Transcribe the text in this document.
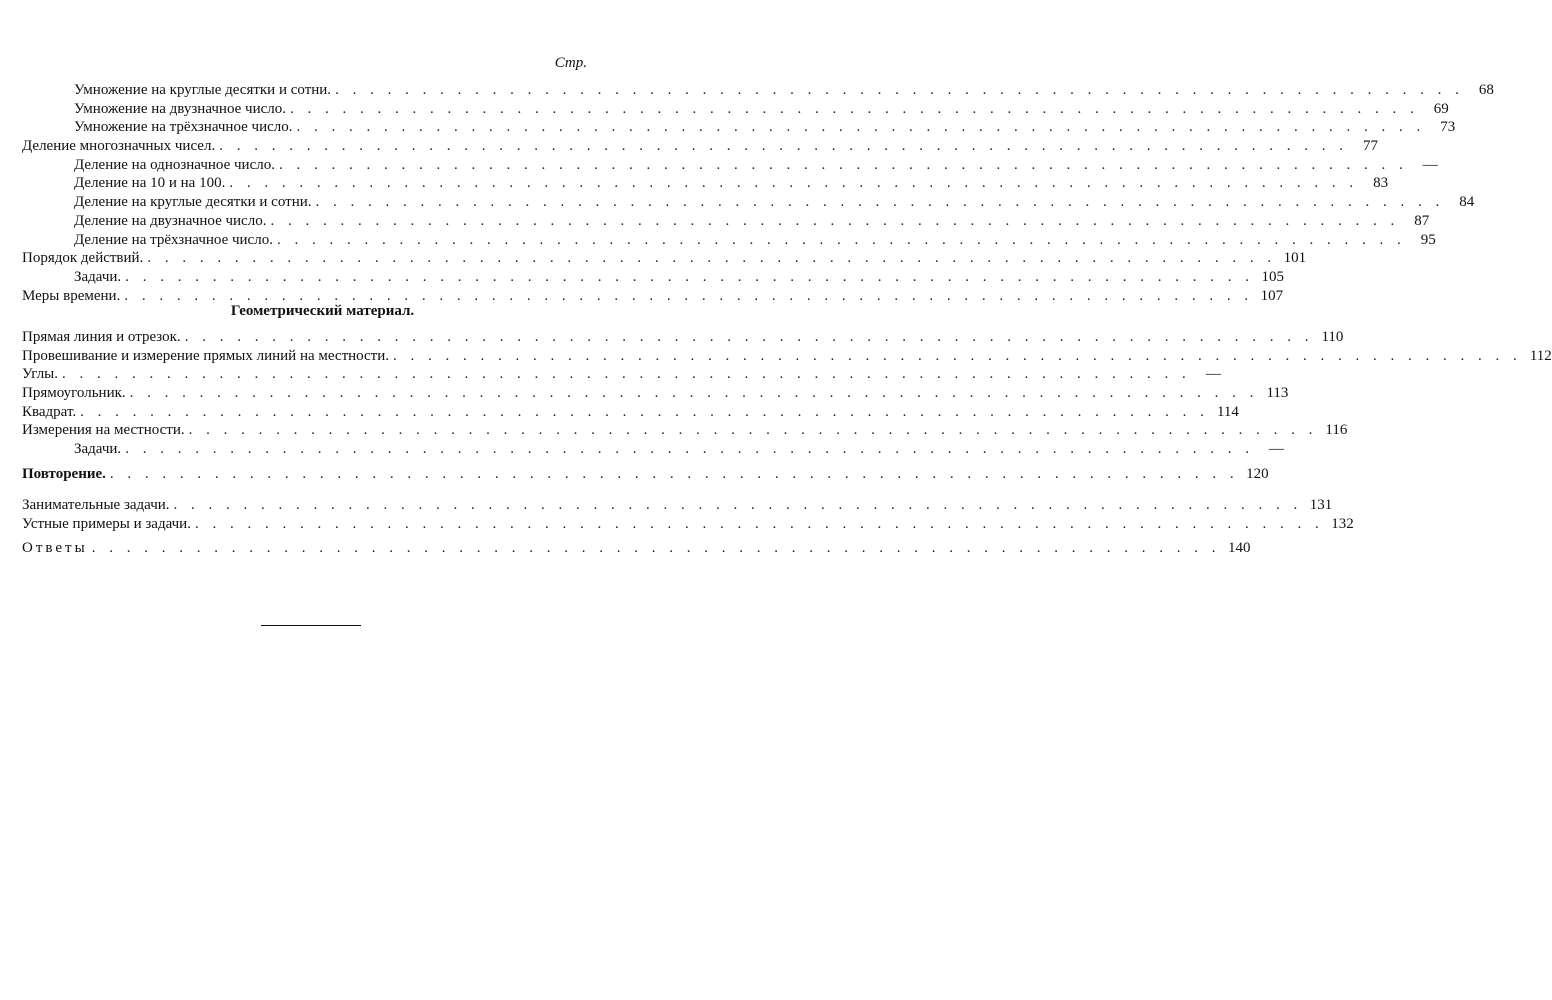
Стр.
Умножение на круглые десятки и сотни. . . . . . . . . . . . . . . . . . . . . . . . . . . . . . . . . . . . . . . . . . . . . . . . . . . . . . . . . . . . . . . . . .	68
Умножение на двузначное число. . . . . . . . . . . . . . . . . . . . . . . . . . . . . . . . . . . . . . . . . . . . . . . . . . . . . . . . . . . . . . . . . .	69
Умножение на трёхзначное число. . . . . . . . . . . . . . . . . . . . . . . . . . . . . . . . . . . . . . . . . . . . . . . . . . . . . . . . . . . . . . . . . .	73
Деление многозначных чисел. . . . . . . . . . . . . . . . . . . . . . . . . . . . . . . . . . . . . . . . . . . . . . . . . . . . . . . . . . . . . . . . . .	77
Деление на однозначное число. . . . . . . . . . . . . . . . . . . . . . . . . . . . . . . . . . . . . . . . . . . . . . . . . . . . . . . . . . . . . . . . . .	—
Деление на 10 и на 100. . . . . . . . . . . . . . . . . . . . . . . . . . . . . . . . . . . . . . . . . . . . . . . . . . . . . . . . . . . . . . . . . .	83
Деление на круглые десятки и сотни. . . . . . . . . . . . . . . . . . . . . . . . . . . . . . . . . . . . . . . . . . . . . . . . . . . . . . . . . . . . . . . . . .	84
Деление на двузначное число. . . . . . . . . . . . . . . . . . . . . . . . . . . . . . . . . . . . . . . . . . . . . . . . . . . . . . . . . . . . . . . . . .	87
Деление на трёхзначное число. . . . . . . . . . . . . . . . . . . . . . . . . . . . . . . . . . . . . . . . . . . . . . . . . . . . . . . . . . . . . . . . . .	95
Порядок действий. . . . . . . . . . . . . . . . . . . . . . . . . . . . . . . . . . . . . . . . . . . . . . . . . . . . . . . . . . . . . . . . . . 101
Задачи. . . . . . . . . . . . . . . . . . . . . . . . . . . . . . . . . . . . . . . . . . . . . . . . . . . . . . . . . . . . . . . . . . 105
Меры времени. . . . . . . . . . . . . . . . . . . . . . . . . . . . . . . . . . . . . . . . . . . . . . . . . . . . . . . . . . . . . . . . . . 107
Геометрический материал.
Прямая линия и отрезок. . . . . . . . . . . . . . . . . . . . . . . . . . . . . . . . . . . . . . . . . . . . . . . . . . . . . . . . . . . . . . . . . . 110
Провешивание и измерение прямых линий на местности. . . . . . . . . . . . . . . . . . . . . . . . . . . . . . . . . . . . . . . . . . . . . . . . . . . . . . . . . . . . . . . . . . 112
Углы. . . . . . . . . . . . . . . . . . . . . . . . . . . . . . . . . . . . . . . . . . . . . . . . . . . . . . . . . . . . . . . . . .	—
Прямоугольник. . . . . . . . . . . . . . . . . . . . . . . . . . . . . . . . . . . . . . . . . . . . . . . . . . . . . . . . . . . . . . . . . . 113
Квадрат. . . . . . . . . . . . . . . . . . . . . . . . . . . . . . . . . . . . . . . . . . . . . . . . . . . . . . . . . . . . . . . . . . 114
Измерения на местности. . . . . . . . . . . . . . . . . . . . . . . . . . . . . . . . . . . . . . . . . . . . . . . . . . . . . . . . . . . . . . . . . . 116
Задачи. . . . . . . . . . . . . . . . . . . . . . . . . . . . . . . . . . . . . . . . . . . . . . . . . . . . . . . . . . . . . . . . . .	—
Повторение. . . . . . . . . . . . . . . . . . . . . . . . . . . . . . . . . . . . . . . . . . . . . . . . . . . . . . . . . . . . . . . . . . 120
Занимательные задачи. . . . . . . . . . . . . . . . . . . . . . . . . . . . . . . . . . . . . . . . . . . . . . . . . . . . . . . . . . . . . . . . . . 131
Устные примеры и задачи. . . . . . . . . . . . . . . . . . . . . . . . . . . . . . . . . . . . . . . . . . . . . . . . . . . . . . . . . . . . . . . . . . 132
Ответы . . . . . . . . . . . . . . . . . . . . . . . . . . . . . . . . . . . . . . . . . . . . . . . . . . . . . . . . . . . . . . . . . 140
